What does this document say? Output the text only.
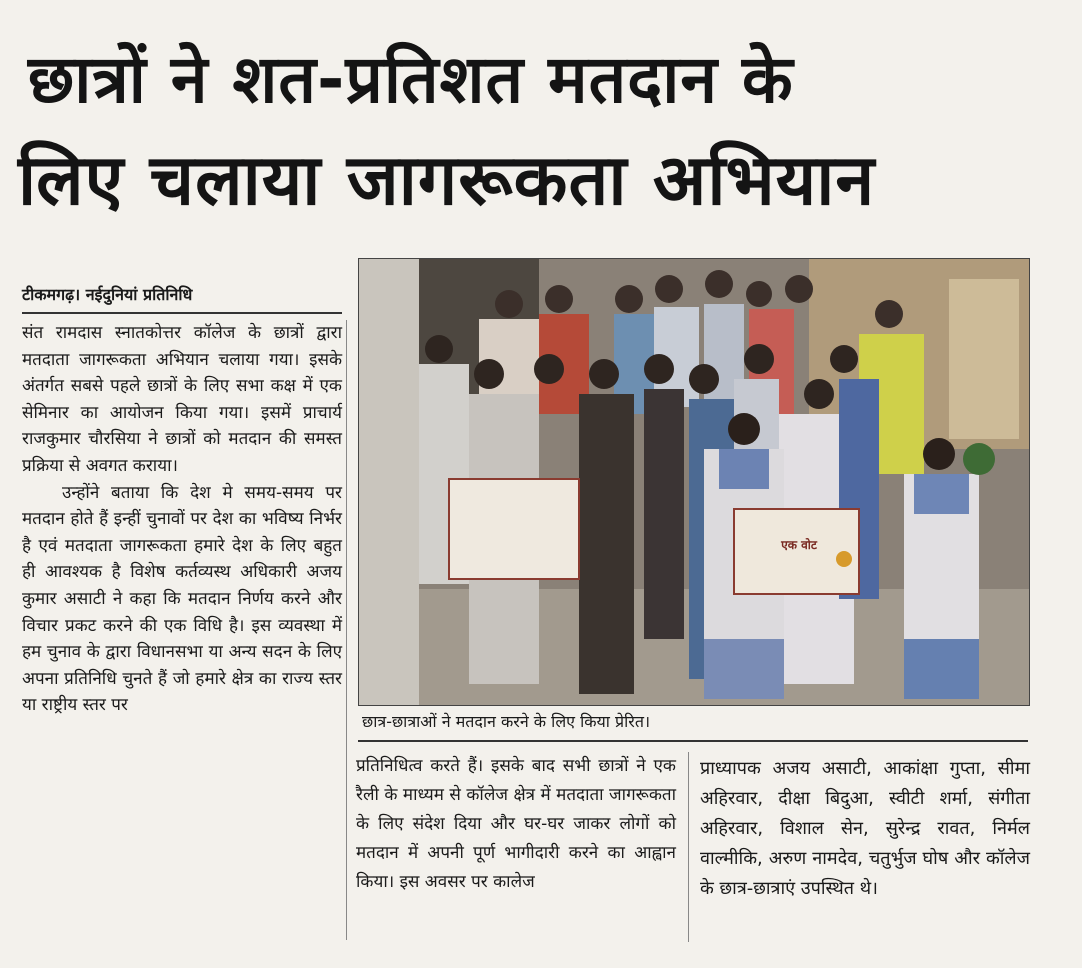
छात्रों ने शत-प्रतिशत मतदान के
लिए चलाया जागरूकता अभियान
टीकमगढ़। नईदुनियां प्रतिनिधि

संत रामदास स्नातकोत्तर कॉलेज के छात्रों द्वारा मतदाता जागरूकता अभियान चलाया गया। इसके अंतर्गत सबसे पहले छात्रों के लिए सभा कक्ष में एक सेमिनार का आयोजन किया गया। इसमें प्राचार्य राजकुमार चौरसिया ने छात्रों को मतदान की समस्त प्रक्रिया से अवगत कराया।

उन्होंने बताया कि देश मे समय-समय पर मतदान होते हैं इन्हीं चुनावों पर देश का भविष्य निर्भर है एवं मतदाता जागरूकता हमारे देश के लिए बहुत ही आवश्यक है विशेष कर्तव्यस्थ अधिकारी अजय कुमार असाटी ने कहा कि मतदान निर्णय करने और विचार प्रकट करने की एक विधि है। इस व्यवस्था में हम चुनाव के द्वारा विधानसभा या अन्य सदन के लिए अपना प्रतिनिधि चुनते हैं जो हमारे क्षेत्र का राज्य स्तर या राष्ट्रीय स्तर पर

एक वोट
छात्र-छात्राओं ने मतदान करने के लिए किया प्रेरित।

प्रतिनिधित्व करते हैं। इसके बाद सभी छात्रों ने एक रैली के माध्यम से कॉलेज क्षेत्र में मतदाता जागरूकता के लिए संदेश दिया और घर-घर जाकर लोगों को मतदान में अपनी पूर्ण भागीदारी करने का आह्वान किया। इस अवसर पर कालेज

प्राध्यापक अजय असाटी, आकांक्षा गुप्ता, सीमा अहिरवार, दीक्षा बिदुआ, स्वीटी शर्मा, संगीता अहिरवार, विशाल सेन, सुरेन्द्र रावत, निर्मल वाल्मीकि, अरुण नामदेव, चतुर्भुज घोष और कॉलेज के छात्र-छात्राएं उपस्थित थे।
